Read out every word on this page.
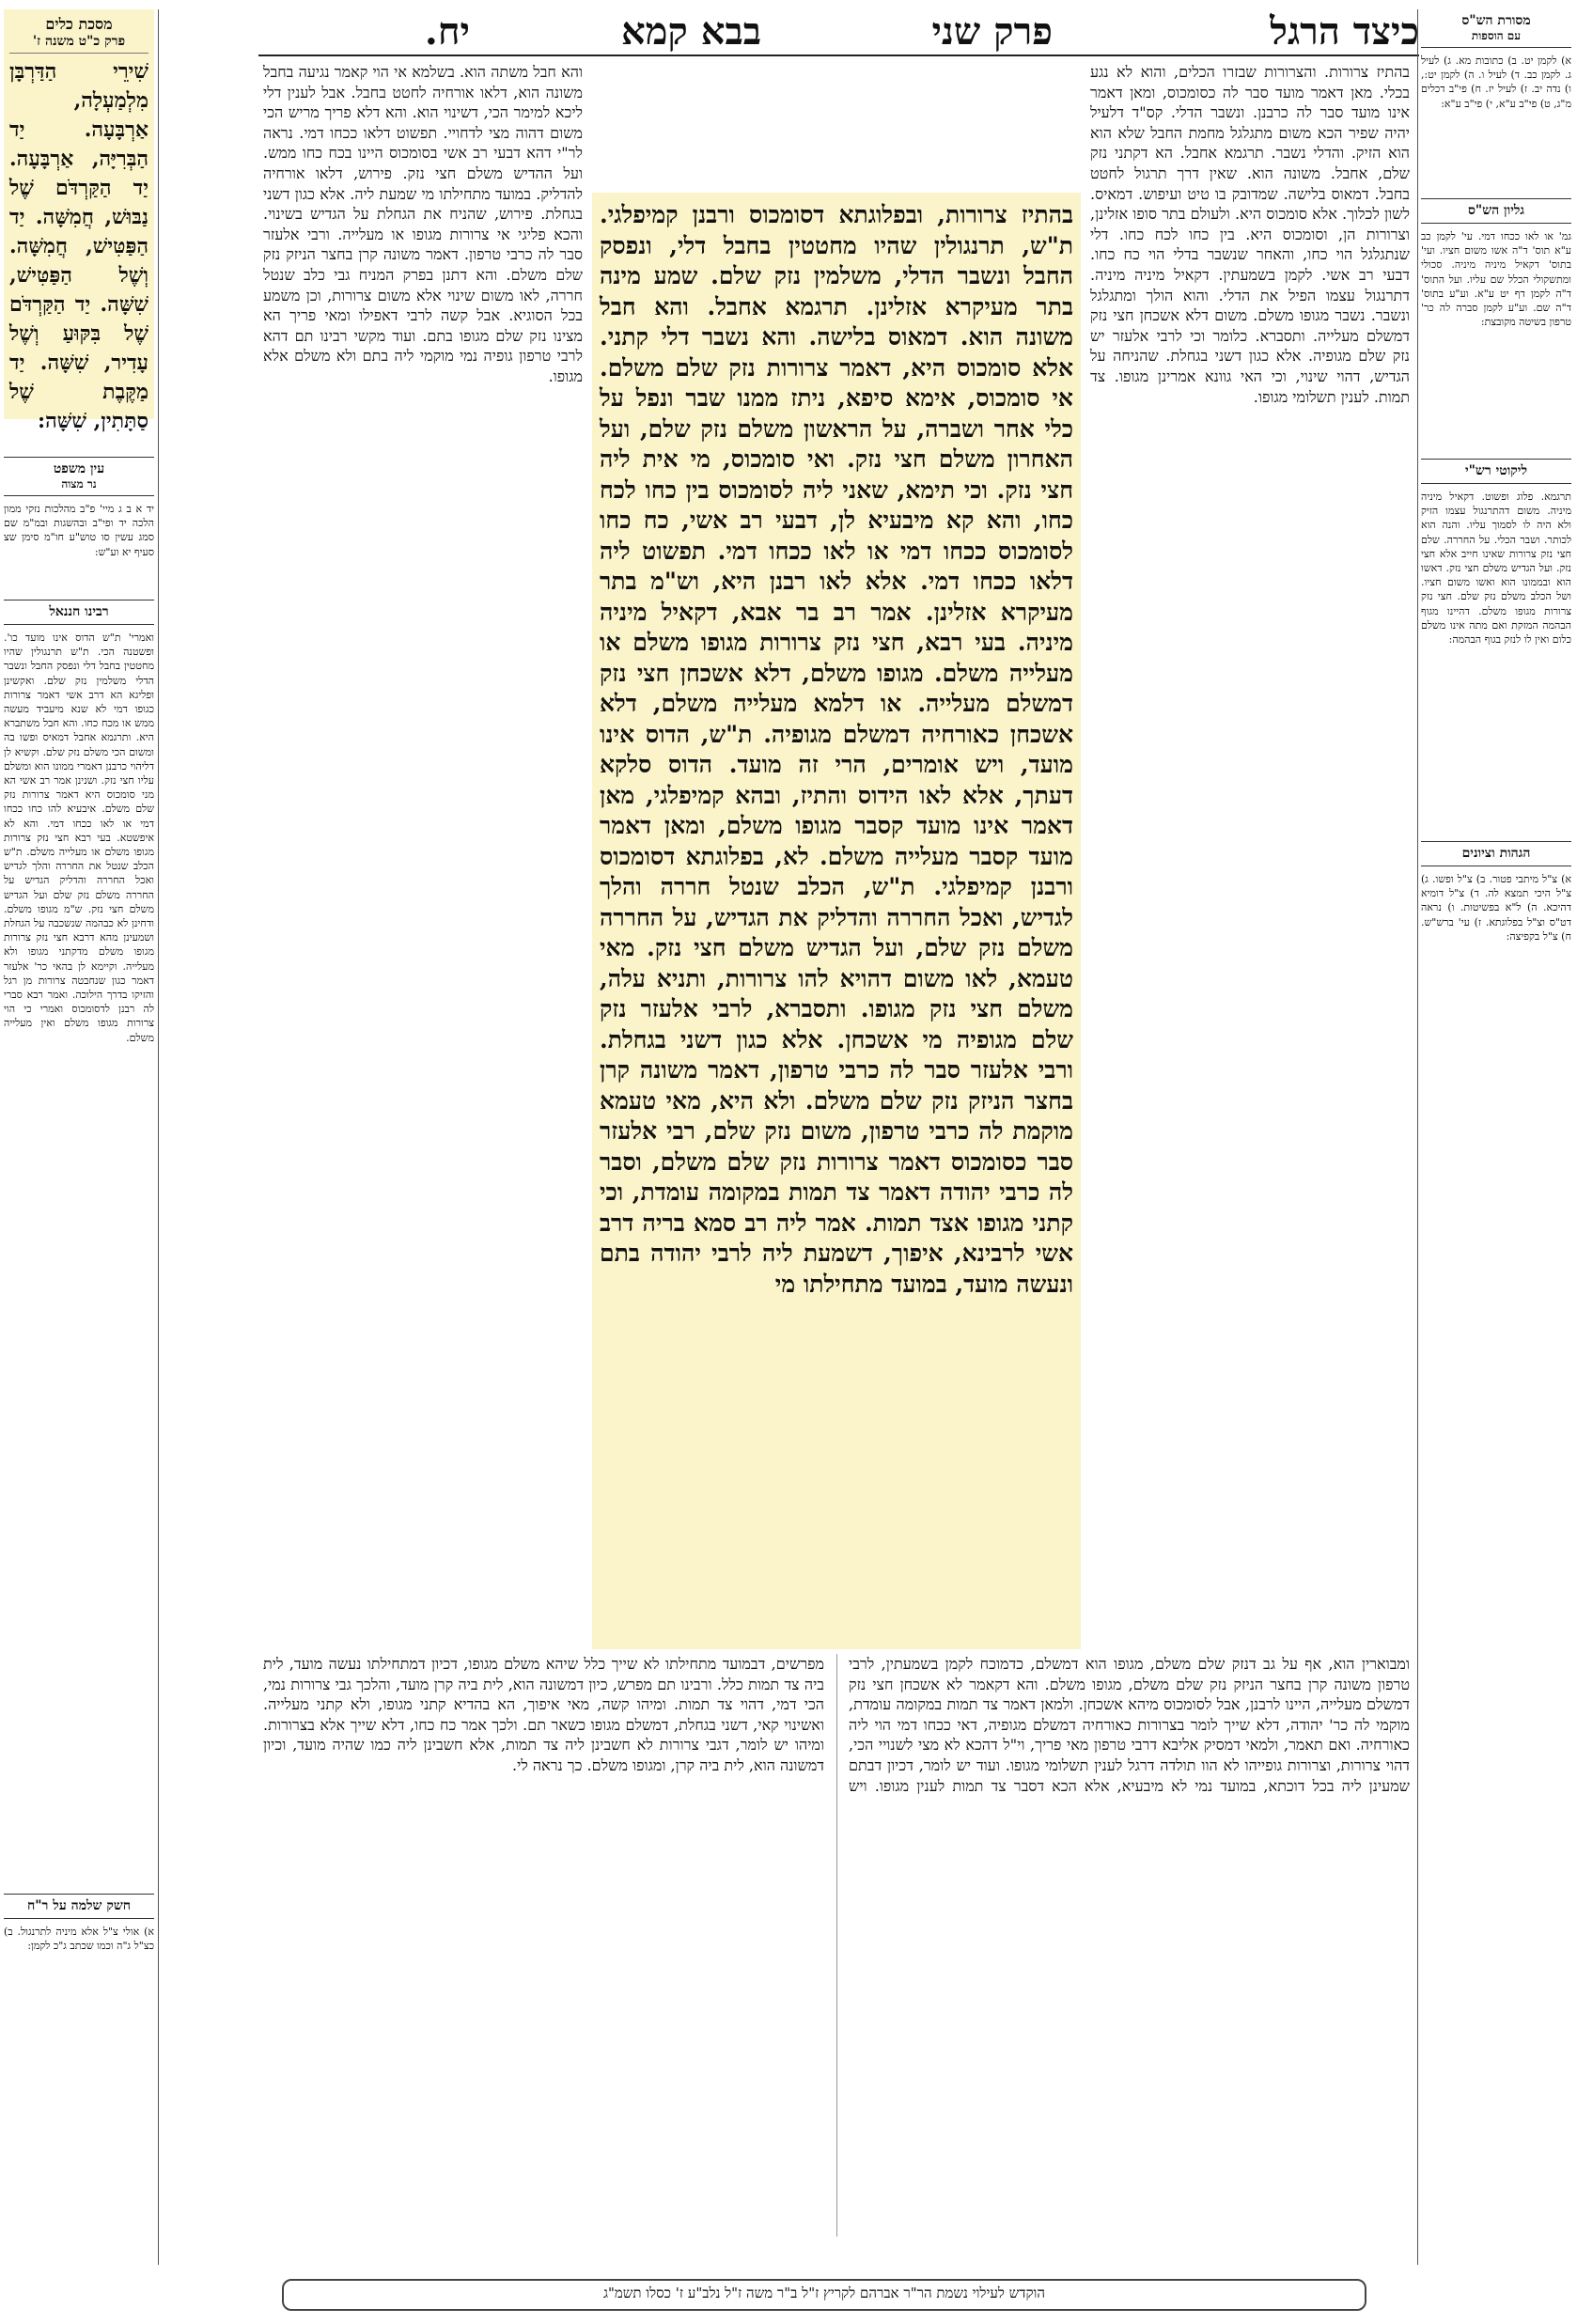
כיצד הרגל
פרק שני
בבא קמא
יח.	מסורת הש"ס
עם הוספות
א) לקמן יט. ב) כתובות מא. ג) לעיל ג. לקמן כב. ד) לעיל ו. ה) לקמן יט:, ו) נדה יב. ז) לעיל יז. ח) פי"ב דכלים מ"ג, ט) פי"ב ע"א, י) פי"ב ע"א:
גליון הש"ס
גמ' או לאו ככחו דמי. עי' לקמן כב ע"א תוס' ד"ה אשו משום חציו. ועי' בתוס' דקאיל מיניה מיניה. סכולי ומתשקולי הכלל שם עליו. ועל התוס' ד"ה לקמן דף יט ע"א. וע"ע בתוס' ד"ה שם. וע"ע לקמן סברה לה כר' טרפון בשיטה מקובצת:
ליקוטי רש"י
תרגמא. פלוג ופשוט. דקאיל מיניה מיניה. משום דהתרנגול עצמו הזיק ולא היה לו לסמוך עליו. והנה הוא לכותר. ושבר הכלי. על החררה. שלם חצי נזק צרורות שאינו חייב אלא חצי נזק. ועל הגדיש משלם חצי נזק. דאשו הוא ובממונו הוא ואשו משום חציו. ושל הכלב משלם נזק שלם. חצי נזק צרורות מגופו משלם. דהיינו מגוף הבהמה המזקת ואם מתה אינו משלם כלום ואין לו לנזק בגוף הבהמה:
הגהות וציונים
א) צ"ל מיתבי פטור. ב) צ"ל ופשו. ג) צ"ל היכי תמצא לה. ד) צ"ל דומיא דהיכא. ה) ל"א בפשיטות. ו) נראה דט"ס וצ"ל בפלוגתא. ז) עי' ברש"ש. ח) צ"ל בקפיצה:
מסכת כלים
פרק כ"ט משנה ז'
שִׁירֵי הַדַּרְבָּן מִלְמַעְלָה, אַרְבָּעָה. יַד הַבְּרִיָּה, אַרְבָּעָה. יַד הַקַּרְדֹּם שֶׁל נַבּוּשׁ, חֲמִשָּׁה. יַד הַפַּטִּישׁ, חֲמִשָּׁה. וְשֶׁל הַפַּטִּישׁ, שִׁשָּׁה. יַד הַקַּרְדֹּם שֶׁל בִּקּוּעַ וְשֶׁל עָדִיר, שִׁשָּׁה. יַד מַקֶּבֶת שֶׁל סַתָּתִין, שִׁשָּׁה:
עין משפט
נר מצוה
יד א ב ג מיי' פ"ב מהלכות נזקי ממון הלכה יד ופי"ב ובהשגות ובמ"מ שם סמג עשין סו טוש"ע חו"מ סימן שצ סעיף יא וע"ש:
רבינו חננאל
ואמרי' ת"ש הדוס אינו מועד כו'. ופשטנה הכי. ת"ש תרנגולין שהיו מחטטין בחבל דלי ונפסק החבל ונשבר הדלי משלמין נזק שלם. ואקשינן ופליגא הא דרב אשי דאמר צרורות כגופו דמי לא שנא מיעביד מעשה ממש או מכח כחו. והא חבל משתברא היא. ותרגמא אחבל דמאיס ופשו בה ומשום הכי משלם נזק שלם. וקשיא לן דליהוי כרבנן דאמרי ממונו הוא ומשלם עליו חצי נזק. ושנינן אמר רב אשי הא מני סומכוס היא דאמר צרורות נזק שלם משלם. איבעיא להו כחו ככחו דמי או לאו ככחו דמי. והא לא איפשטא. בעי רבא חצי נזק צרורות מגופו משלם או מעלייה משלם. ת"ש הכלב שנטל את החררה והלך לגדיש ואכל החררה והדליק הגדיש על החררה משלם נזק שלם ועל הגדיש משלם חצי נזק. ש"מ מגופו משלם. ודחינן לא כבהמה שנשכבה על הגחלת ושמעינן מהא דרבא חצי נזק צרורות מגופו משלם מדקתני מגופו ולא מעלייה. וקיימא לן בהאי כר' אלעזר דאמר כגון שנחבטה צרורות מן רגל והזיקו בדרך הילוכה. ואמר רבא סברי לה רבנן לדסומכוס ואמרי כי הוי צרורות מגופו משלם ואין מעלייה משלם.
חשק שלמה על ר"ח
א) אולי צ"ל אלא מיניה לתרנגול. ב) כצ"ל ג"ה וכמו שכתב ג"כ לקמן:
והא חבל משתה הוא. בשלמא אי הוי קאמר נגיעה בחבל משונה הוא, דלאו אורחיה לחטט בחבל. אבל לענין דלי ליכא למימר הכי, דשינוי הוא. והא דלא פריך מריש הכי משום דהוה מצי לדחויי. תפשוט דלאו ככחו דמי. נראה לר"י דהא דבעי רב אשי בסומכוס היינו בכח כחו ממש. ועל ההדיש משלם חצי נזק. פירוש, דלאו אורחיה להדליק. במועד מתחילתו מי שמעת ליה. אלא כגון דשני בגחלת. פירוש, שהניח את הגחלת על הגדיש בשינוי. והכא פליגי אי צרורות מגופו או מעלייה. ורבי אלעזר סבר לה כרבי טרפון. דאמר משונה קרן בחצר הניזק נזק שלם משלם. והא דתנן בפרק המניח גבי כלב שנטל חררה, לאו משום שינוי אלא משום צרורות, וכן משמע בכל הסוגיא. אבל קשה לרבי דאפילו ומאי פריך הא מצינו נזק שלם מגופו בתם. ועוד מקשי רבינו תם דהא לרבי טרפון גופיה נמי מוקמי ליה בתם ולא משלם אלא מגופו.
בהתיז צרורות, ובפלוגתא דסומכוס ורבנן קמיפלגי. ת"ש, תרנגולין שהיו מחטטין בחבל דלי, ונפסק החבל ונשבר הדלי, משלמין נזק שלם. שמע מינה בתר מעיקרא אזלינן. תרגמא אחבל. והא חבל משונה הוא. דמאוס בלישה. והא נשבר דלי קתני. אלא סומכוס היא, דאמר צרורות נזק שלם משלם. אי סומכוס, אימא סיפא, ניתז ממנו שבר ונפל על כלי אחר ושברה, על הראשון משלם נזק שלם, ועל האחרון משלם חצי נזק. ואי סומכוס, מי אית ליה חצי נזק. וכי תימא, שאני ליה לסומכוס בין כחו לכח כחו, והא קא מיבעיא לן, דבעי רב אשי, כח כחו לסומכוס ככחו דמי או לאו ככחו דמי. תפשוט ליה דלאו ככחו דמי. אלא לאו רבנן היא, וש"מ בתר מעיקרא אזלינן. אמר רב בר אבא, דקאיל מיניה מיניה. בעי רבא, חצי נזק צרורות מגופו משלם או מעלייה משלם. מגופו משלם, דלא אשכחן חצי נזק דמשלם מעלייה. או דלמא מעלייה משלם, דלא אשכחן כאורחיה דמשלם מגופיה. ת"ש, הדוס אינו מועד, ויש אומרים, הרי זה מועד. הדוס סלקא דעתך, אלא לאו הידוס והתיז, ובהא קמיפלגי, מאן דאמר אינו מועד קסבר מגופו משלם, ומאן דאמר מועד קסבר מעלייה משלם. לא, בפלוגתא דסומכוס ורבנן קמיפלגי. ת"ש, הכלב שנטל חררה והלך לגדיש, ואכל החררה והדליק את הגדיש, על החררה משלם נזק שלם, ועל הגדיש משלם חצי נזק. מאי טעמא, לאו משום דהויא להו צרורות, ותניא עלה, משלם חצי נזק מגופו. ותסברא, לרבי אלעזר נזק שלם מגופיה מי אשכחן. אלא כגון דשני בגחלת. ורבי אלעזר סבר לה כרבי טרפון, דאמר משונה קרן בחצר הניזק נזק שלם משלם. ולא היא, מאי טעמא מוקמת לה כרבי טרפון, משום נזק שלם, רבי אלעזר סבר כסומכוס דאמר צרורות נזק שלם משלם, וסבר לה כרבי יהודה דאמר צד תמות במקומה עומדת, וכי קתני מגופו אצד תמות. אמר ליה רב סמא בריה דרב אשי לרבינא, איפוך, דשמעת ליה לרבי יהודה בתם ונעשה מועד, במועד מתחילתו מי
בהתיז צרורות. והצרורות שבזרו הכלים, והוא לא נגע בכלי. מאן דאמר מועד סבר לה כסומכוס, ומאן דאמר אינו מועד סבר לה כרבנן. ונשבר הדלי. קס"ד דלעיל יהיה שפיר הכא משום מתגלגל מחמת החבל שלא הוא הוא הזיק. והדלי נשבר. תרגמא אחבל. הא דקתני נזק שלם, אחבל. משונה הוא. שאין דרך תרגול לחטט בחבל. דמאוס בלישה. שמדובק בו טיט ועיפוש. דמאיס. לשון לכלוך. אלא סומכוס היא. ולעולם בתר סופו אזלינן, וצרורות הן, וסומכוס היא. בין כחו לכח כחו. דלי שנתגלגל הוי כחו, והאחר שנשבר בדלי הוי כח כחו. דבעי רב אשי. לקמן בשמעתין. דקאיל מיניה מיניה. דתרנגול עצמו הפיל את הדלי. והוא הולך ומתגלגל ונשבר. נשבר מגופו משלם. משום דלא אשכחן חצי נזק דמשלם מעלייה. ותסברא. כלומר וכי לרבי אלעזר יש נזק שלם מגופיה. אלא כגון דשני בגחלת. שהניחה על הגדיש, דהוי שינוי, וכי האי גוונא אמרינן מגופו. צד תמות. לענין תשלומי מגופו.
ומבוארין הוא, אף על גב דנזק שלם משלם, מגופו הוא דמשלם, כדמוכח לקמן בשמעתין, לרבי טרפון משונה קרן בחצר הניזק נזק שלם משלם, מגופו משלם. והא דקאמר לא אשכחן חצי נזק דמשלם מעלייה, היינו לרבנן, אבל לסומכוס מיהא אשכחן. ולמאן דאמר צד תמות במקומה עומדת, מוקמי לה כר' יהודה, דלא שייך לומר בצרורות כאורחיה דמשלם מגופיה, דאי ככחו דמי הוי ליה כאורחיה. ואם תאמר, ולמאי דמסיק אליבא דרבי טרפון מאי פריך, וי"ל דהכא לא מצי לשנויי הכי, דהוי צרורות, וצרורות גופייהו לא הוו תולדה דרגל לענין תשלומי מגופו. ועוד יש לומר, דכיון דבתם שמעינן ליה בכל דוכתא, במועד נמי לא מיבעיא, אלא הכא דסבר צד תמות לענין מגופו. ויש מפרשים, דבמועד מתחילתו לא שייך כלל שיהא משלם מגופו, דכיון דמתחילתו נעשה מועד, לית ביה צד תמות כלל. ורבינו תם מפרש, כיון דמשונה הוא, לית ביה קרן מועד, והלכך גבי צרורות נמי, הכי דמי, דהוי צד תמות. ומיהו קשה, מאי איפוך, הא בהדיא קתני מגופו, ולא קתני מעלייה. ואשינוי קאי, דשני בגחלת, דמשלם מגופו כשאר תם. ולכך אמר כח כחו, דלא שייך אלא בצרורות. ומיהו יש לומר, דגבי צרורות לא חשבינן ליה צד תמות, אלא חשבינן ליה כמו שהיה מועד, וכיון דמשונה הוא, לית ביה קרן, ומגופו משלם. כך נראה לי.
הוקדש לעילוי נשמת הר"ר אברהם לקריץ ז"ל ב"ר משה ז"ל נלב"ע ז' כסלו תשמ"ג
